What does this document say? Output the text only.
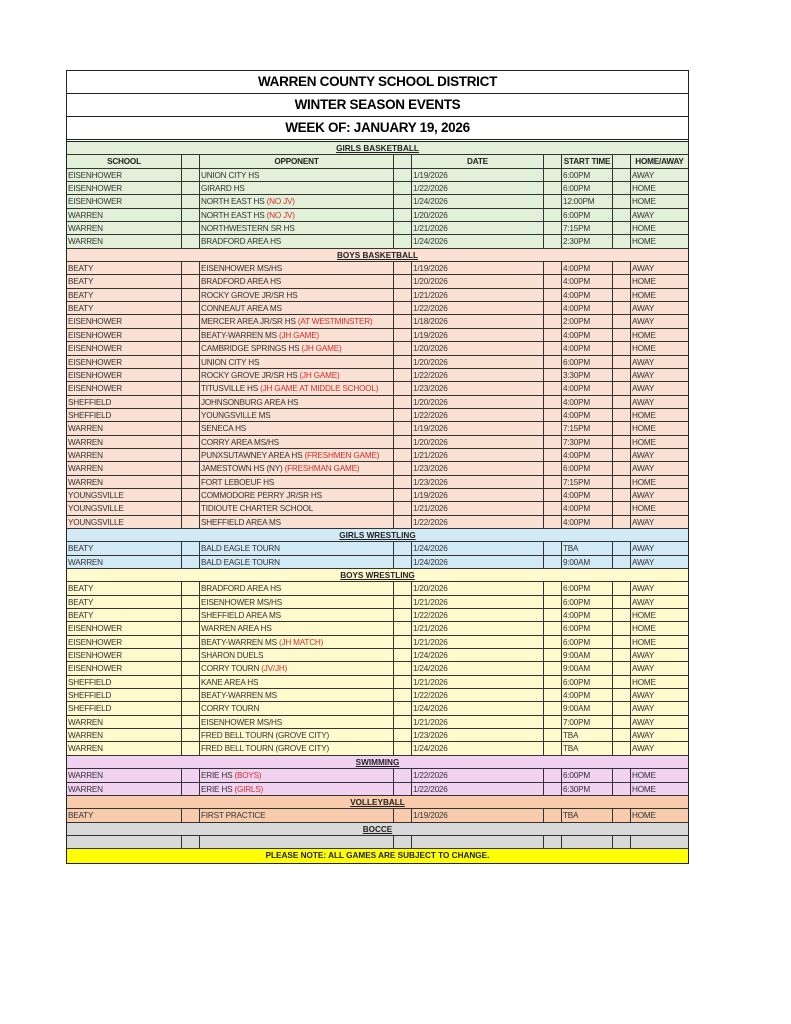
WARREN COUNTY SCHOOL DISTRICT
WINTER SEASON EVENTS
WEEK OF: JANUARY 19, 2026
GIRLS BASKETBALL
SCHOOL	OPPONENT	DATE	START TIME	HOME/AWAY
EISENHOWER	UNION CITY HS	1/19/2026	6:00PM	AWAY
EISENHOWER	GIRARD HS	1/22/2026	6:00PM	HOME
EISENHOWER	NORTH EAST HS (NO JV)	1/24/2026	12:00PM	HOME
WARREN	NORTH EAST HS (NO JV)	1/20/2026	6:00PM	AWAY
WARREN	NORTHWESTERN SR HS	1/21/2026	7:15PM	HOME
WARREN	BRADFORD AREA HS	1/24/2026	2:30PM	HOME
BOYS BASKETBALL
BEATY	EISENHOWER MS/HS	1/19/2026	4:00PM	AWAY
BEATY	BRADFORD AREA HS	1/20/2026	4:00PM	HOME
BEATY	ROCKY GROVE JR/SR HS	1/21/2026	4:00PM	HOME
BEATY	CONNEAUT AREA MS	1/22/2026	4:00PM	AWAY
EISENHOWER	MERCER AREA JR/SR HS (AT WESTMINSTER)	1/18/2026	2:00PM	AWAY
EISENHOWER	BEATY-WARREN MS (JH GAME)	1/19/2026	4:00PM	HOME
EISENHOWER	CAMBRIDGE SPRINGS HS (JH GAME)	1/20/2026	4:00PM	HOME
EISENHOWER	UNION CITY HS	1/20/2026	6:00PM	AWAY
EISENHOWER	ROCKY GROVE JR/SR HS (JH GAME)	1/22/2026	3:30PM	AWAY
EISENHOWER	TITUSVILLE HS (JH GAME AT MIDDLE SCHOOL)	1/23/2026	4:00PM	AWAY
SHEFFIELD	JOHNSONBURG AREA HS	1/20/2026	4:00PM	AWAY
SHEFFIELD	YOUNGSVILLE MS	1/22/2026	4:00PM	HOME
WARREN	SENECA HS	1/19/2026	7:15PM	HOME
WARREN	CORRY AREA MS/HS	1/20/2026	7:30PM	HOME
WARREN	PUNXSUTAWNEY AREA HS (FRESHMEN GAME)	1/21/2026	4:00PM	AWAY
WARREN	JAMESTOWN HS (NY) (FRESHMAN GAME)	1/23/2026	6:00PM	AWAY
WARREN	FORT LEBOEUF HS	1/23/2026	7:15PM	HOME
YOUNGSVILLE	COMMODORE PERRY JR/SR HS	1/19/2026	4:00PM	AWAY
YOUNGSVILLE	TIDIOUTE CHARTER SCHOOL	1/21/2026	4:00PM	HOME
YOUNGSVILLE	SHEFFIELD AREA MS	1/22/2026	4:00PM	AWAY
GIRLS WRESTLING
BEATY	BALD EAGLE TOURN	1/24/2026	TBA	AWAY
WARREN	BALD EAGLE TOURN	1/24/2026	9:00AM	AWAY
BOYS WRESTLING
BEATY	BRADFORD AREA HS	1/20/2026	6:00PM	AWAY
BEATY	EISENHOWER MS/HS	1/21/2026	6:00PM	AWAY
BEATY	SHEFFIELD AREA MS	1/22/2026	4:00PM	HOME
EISENHOWER	WARREN AREA HS	1/21/2026	6:00PM	HOME
EISENHOWER	BEATY-WARREN MS (JH MATCH)	1/21/2026	6:00PM	HOME
EISENHOWER	SHARON DUELS	1/24/2026	9:00AM	AWAY
EISENHOWER	CORRY TOURN (JV/JH)	1/24/2026	9:00AM	AWAY
SHEFFIELD	KANE AREA HS	1/21/2026	6:00PM	HOME
SHEFFIELD	BEATY-WARREN MS	1/22/2026	4:00PM	AWAY
SHEFFIELD	CORRY TOURN	1/24/2026	9:00AM	AWAY
WARREN	EISENHOWER MS/HS	1/21/2026	7:00PM	AWAY
WARREN	FRED BELL TOURN (GROVE CITY)	1/23/2026	TBA	AWAY
WARREN	FRED BELL TOURN (GROVE CITY)	1/24/2026	TBA	AWAY
SWIMMING
WARREN	ERIE HS (BOYS)	1/22/2026	6:00PM	HOME
WARREN	ERIE HS (GIRLS)	1/22/2026	6:30PM	HOME
VOLLEYBALL
BEATY	FIRST PRACTICE	1/19/2026	TBA	HOME
BOCCE
PLEASE NOTE: ALL GAMES ARE SUBJECT TO CHANGE.
